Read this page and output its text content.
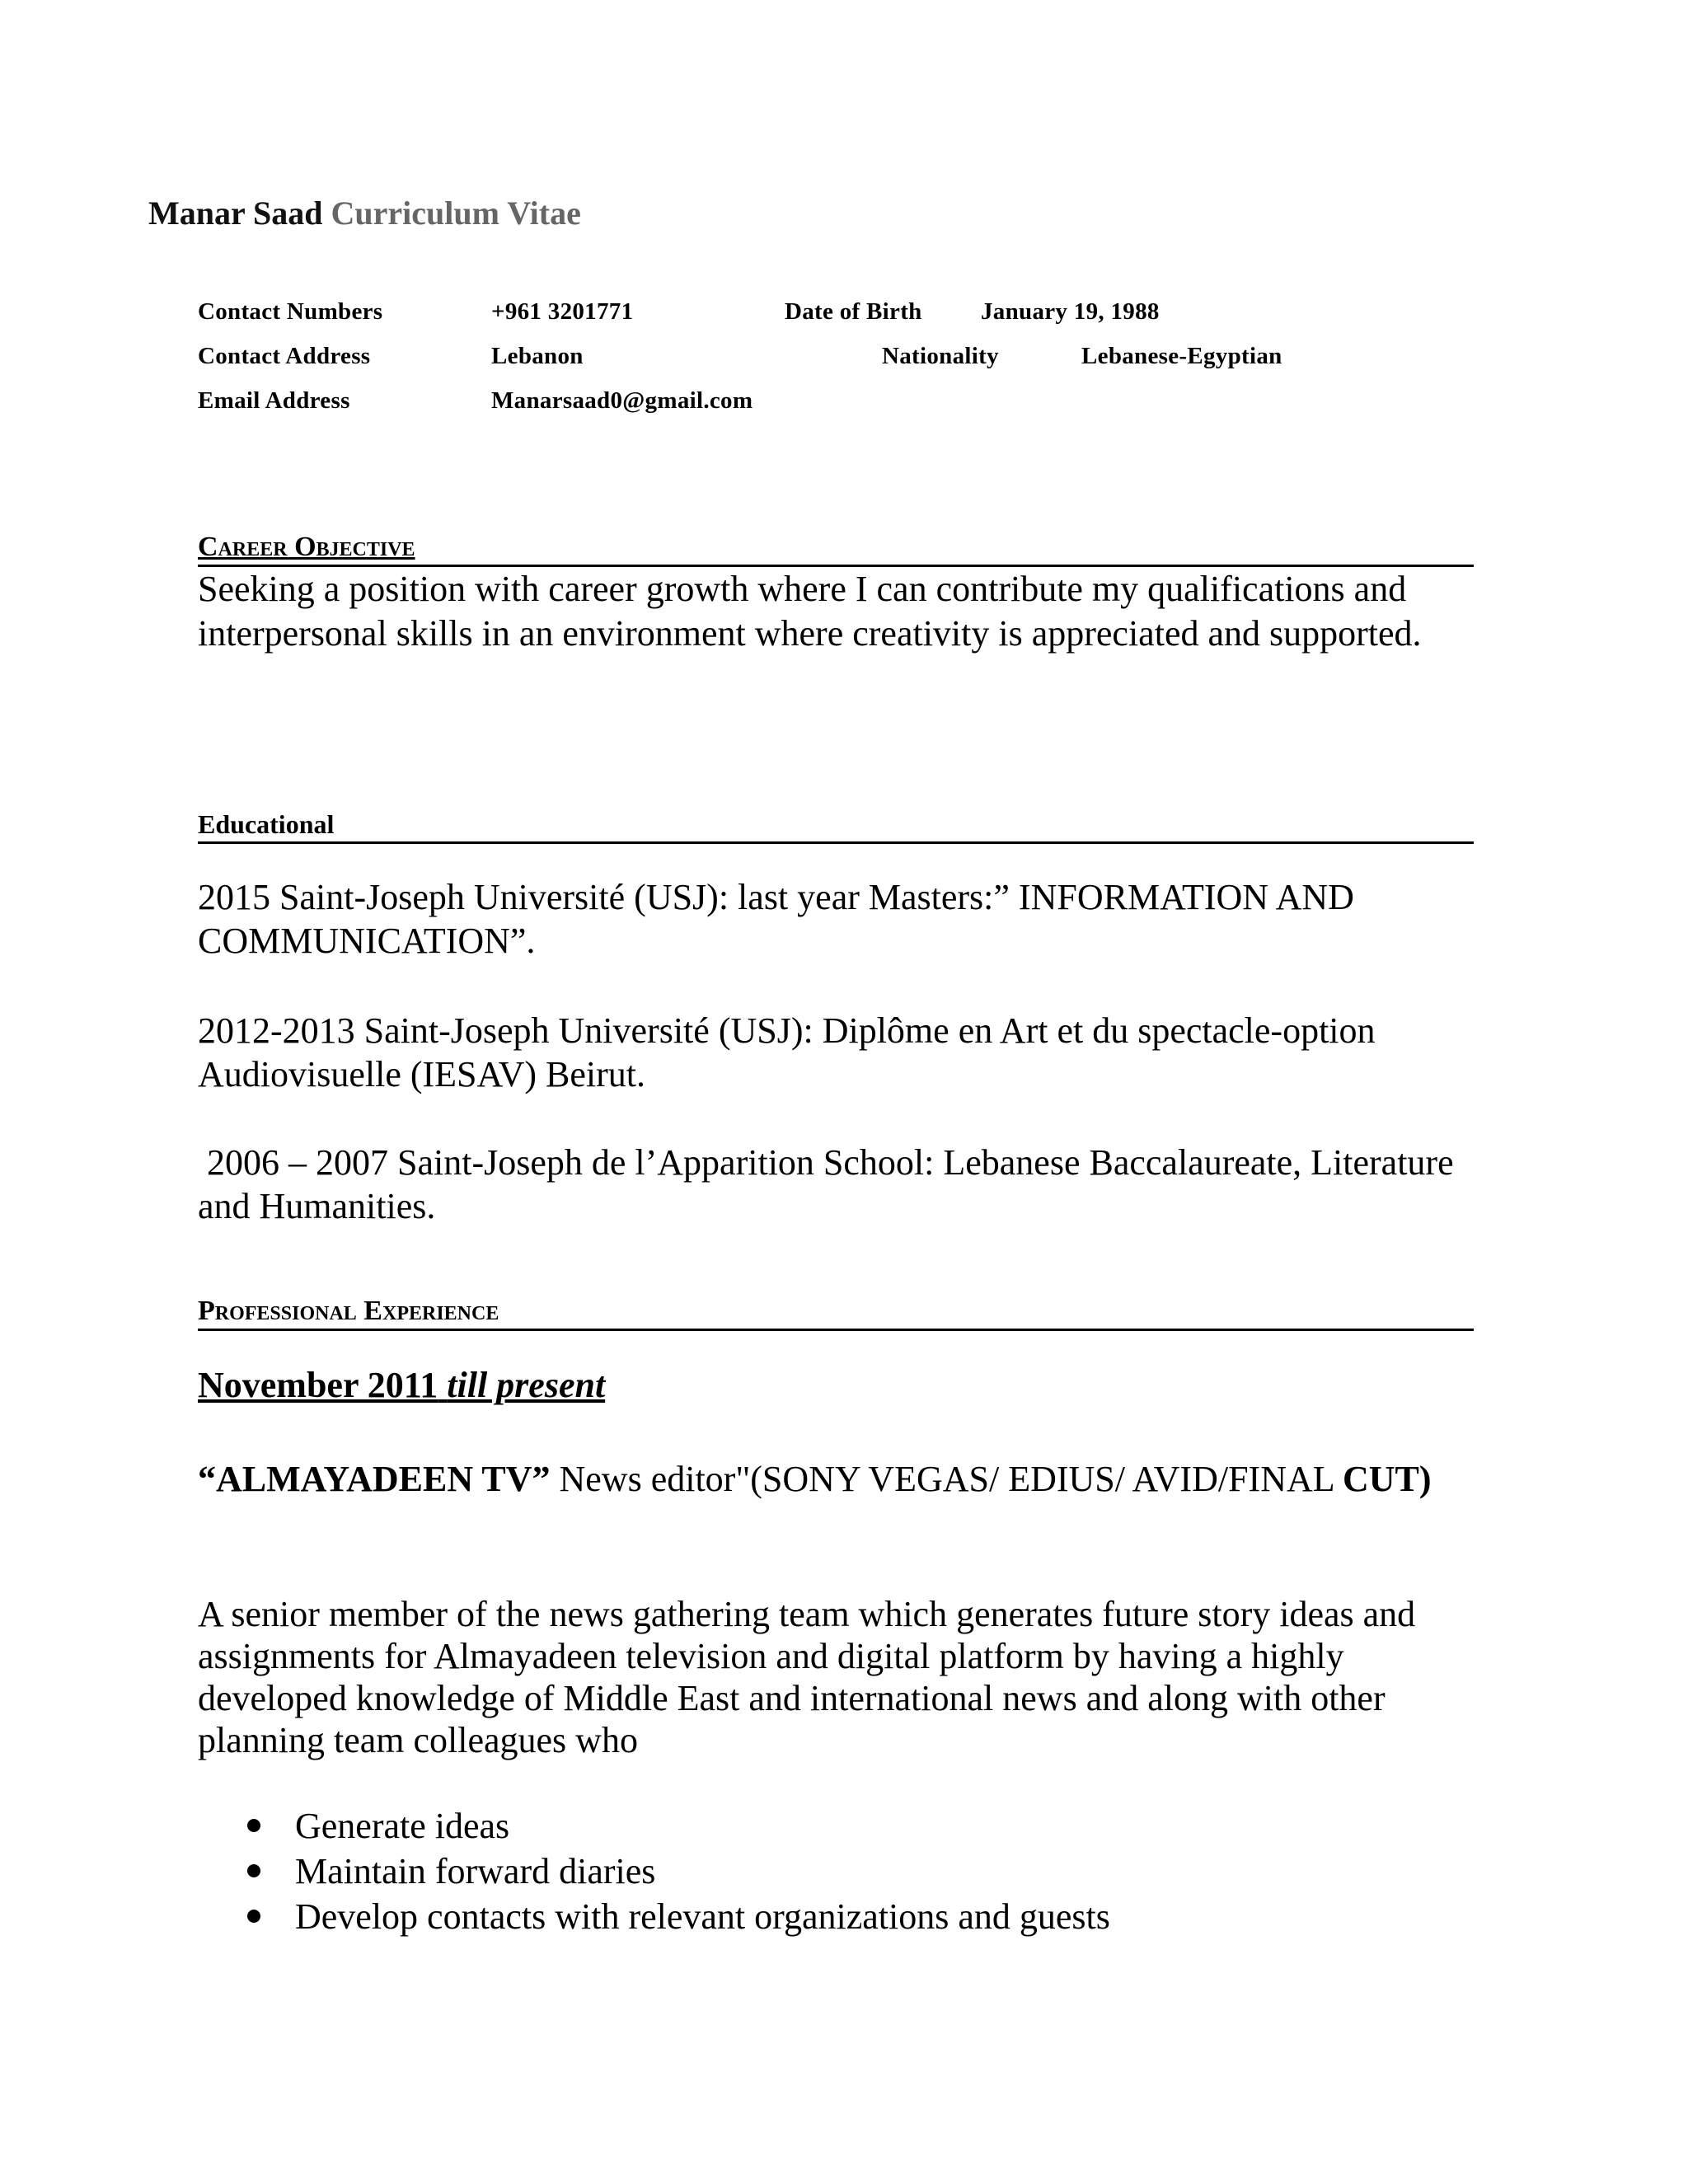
Manar Saad Curriculum Vitae
Contact Numbers	+961 3201771	Date of Birth January 19, 1988
Contact Address	Lebanon	Nationality	Lebanese-Egyptian
Email Address	Manarsaad0@gmail.com
Career Objective
Seeking a position with career growth where I can contribute my qualifications and interpersonal skills in an environment where creativity is appreciated and supported.
Educational
2015 Saint-Joseph Université (USJ): last year Masters:” INFORMATION AND COMMUNICATION”.
2012-2013 Saint-Joseph Université (USJ): Diplôme en Art et du spectacle-option Audiovisuelle (IESAV) Beirut.
2006 – 2007 Saint-Joseph de l’Apparition School: Lebanese Baccalaureate, Literature and Humanities.
Professional Experience
November 2011 till present
“ALMAYADEEN TV” News editor"(SONY VEGAS/ EDIUS/ AVID/FINAL CUT)
A senior member of the news gathering team which generates future story ideas and assignments for Almayadeen television and digital platform by having a highly developed knowledge of Middle East and international news and along with other planning team colleagues who
Generate ideas
Maintain forward diaries
Develop contacts with relevant organizations and guests
